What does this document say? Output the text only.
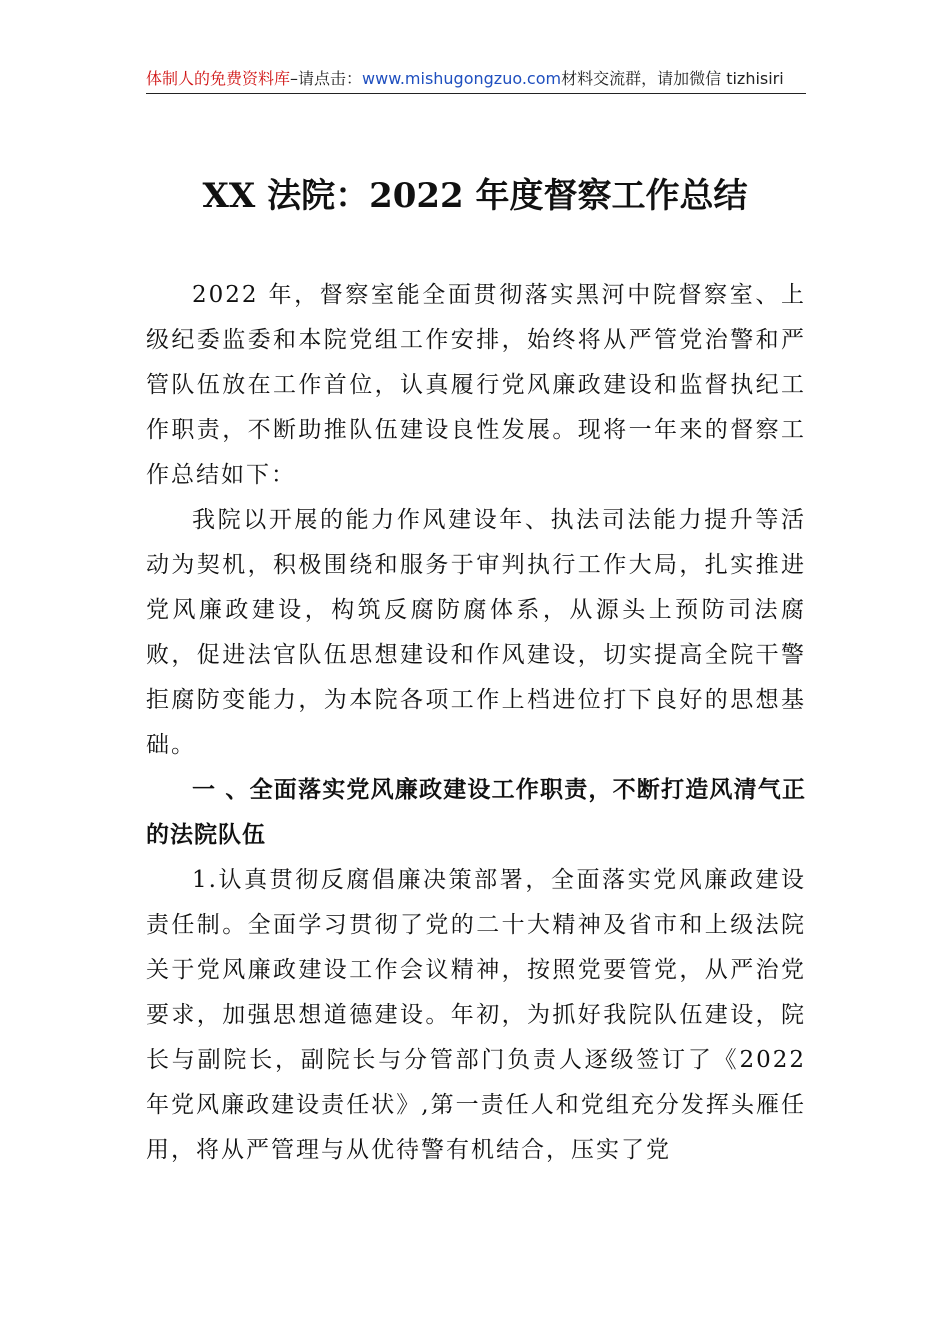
体制人的免费资料库–请点击：www.mishugongzuo.com材料交流群，请加微信 tizhisiri
XX 法院：2022 年度督察工作总结

2022 年，督察室能全面贯彻落实黑河中院督察室、上级纪委监委和本院党组工作安排，始终将从严管党治警和严管队伍放在工作首位，认真履行党风廉政建设和监督执纪工作职责，不断助推队伍建设良性发展。现将一年来的督察工作总结如下：

我院以开展的能力作风建设年、执法司法能力提升等活动为契机，积极围绕和服务于审判执行工作大局，扎实推进党风廉政建设，构筑反腐防腐体系，从源头上预防司法腐败，促进法官队伍思想建设和作风建设，切实提高全院干警拒腐防变能力，为本院各项工作上档进位打下良好的思想基础。

一 、全面落实党风廉政建设工作职责，不断打造风清气正的法院队伍

1.认真贯彻反腐倡廉决策部署，全面落实党风廉政建设责任制。全面学习贯彻了党的二十大精神及省市和上级法院关于党风廉政建设工作会议精神，按照党要管党，从严治党要求，加强思想道德建设。年初，为抓好我院队伍建设，院长与副院长，副院长与分管部门负责人逐级签订了《2022 年党风廉政建设责任状》,第一责任人和党组充分发挥头雁任用，将从严管理与从优待警有机结合，压实了党
